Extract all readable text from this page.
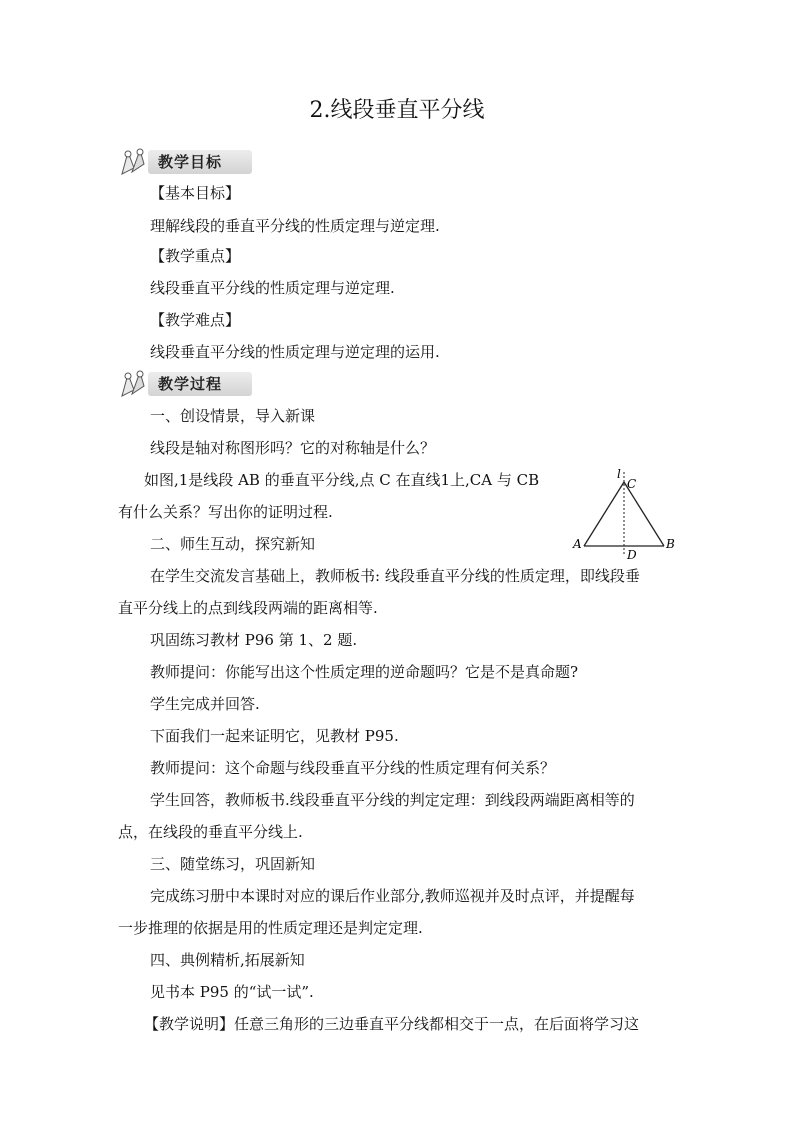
2.线段垂直平分线
教学目标
【基本目标】
理解线段的垂直平分线的性质定理与逆定理.
【教学重点】
线段垂直平分线的性质定理与逆定理.
【教学难点】
线段垂直平分线的性质定理与逆定理的运用.
教学过程
一、创设情景，导入新课
线段是轴对称图形吗？它的对称轴是什么？
如图,1是线段 AB 的垂直平分线,点 C 在直线1上,CA 与 CB
有什么关系？写出你的证明过程.
l
C
A	B
D
二、师生互动，探究新知
在学生交流发言基础上，教师板书: 线段垂直平分线的性质定理，即线段垂
直平分线上的点到线段两端的距离相等.
巩固练习教材 P96 第 1、2 题.
教师提问：你能写出这个性质定理的逆命题吗？它是不是真命题?
学生完成并回答.
下面我们一起来证明它，见教材 P95.
教师提问：这个命题与线段垂直平分线的性质定理有何关系？
学生回答，教师板书.线段垂直平分线的判定定理：到线段两端距离相等的
点，在线段的垂直平分线上.
三、随堂练习，巩固新知
完成练习册中本课时对应的课后作业部分,教师巡视并及时点评，并提醒每
一步推理的依据是用的性质定理还是判定定理.
四、典例精析,拓展新知
见书本 P95 的“试一试”.
【教学说明】任意三角形的三边垂直平分线都相交于一点，在后面将学习这
